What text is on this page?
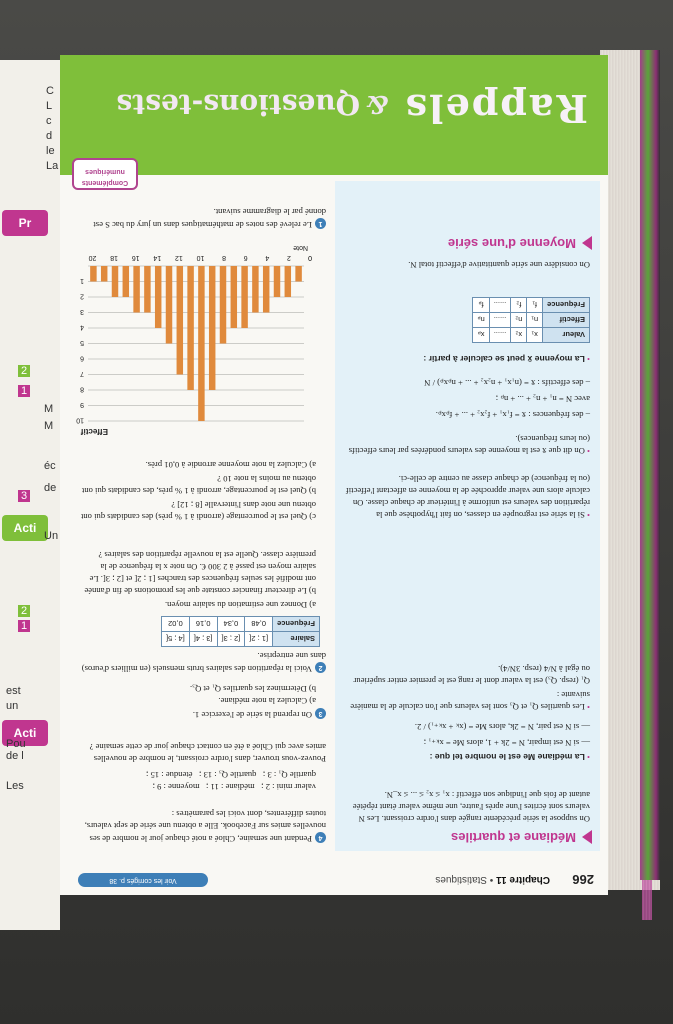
Acti
Acti
Pr
Les
de l
Pou
un
est
1
2
3
Un
de
éc
M
M
1
2
La
le
d
c
L
C
266
Chapitre 11 • Statistiques
Voir les corrigés p. 38
Médiane et quartiles
On suppose la série précédente rangée dans l'ordre croissant. Les N valeurs sont écrites l'une après l'autre, une même valeur étant répétée autant de fois que l'indique son effectif : x₁ ≤ x₂ ≤ ... ≤ x_N.
• La médiane Me est le nombre tel que :
— si N est impair, N = 2k + 1, alors Me = xₖ₊₁ ;
— si N est pair, N = 2k, alors Me = (xₖ + xₖ₊₁) / 2.
• Les quartiles Q₁ et Q₃ sont les valeurs que l'on calcule de la manière suivante :
Q₁ (resp. Q₃) est la valeur dont le rang est le premier entier supérieur ou égal à N/4 (resp. 3N/4).
• Si la série est regroupée en classes, on fait l'hypothèse que la répartition des valeurs est uniforme à l'intérieur de chaque classe. On calcule alors une valeur approchée de la moyenne en affectant l'effectif (ou la fréquence) de chaque classe au centre de celle-ci.
• On dit que x̄ est la moyenne des valeurs pondérées par leurs effectifs (ou leurs fréquences).
– des fréquences : x̄ = f₁x₁ + f₂x₂ + ... + fₚxₚ.
avec N = n₁ + n₂ + ... + nₚ ;
– des effectifs : x̄ = (n₁x₁ + n₂x₂ + ... + nₚxₚ) / N
• La moyenne x̄ peut se calculer à partir :
Valeur	x₁	x₂	......	xₚ
Effectif	n₁	n₂	......	nₚ
Fréquence	f₁	f₂	......	fₚ
On considère une série quantitative d'effectif total N.
Moyenne d'une série
4Pendant une semaine, Chloé a noté chaque jour le nombre de ses nouvelles amies sur Facebook. Elle a obtenu une série de sept valeurs, toutes différentes, dont voici les paramètres :
valeur mini : 2 ;   médiane : 11 ;   moyenne : 9 ;
quartile Q₁ : 3 ;   quartile Q₃ : 13 ;   étendue : 15 ;
Pouvez-vous trouver, dans l'ordre croissant, le nombre de nouvelles amies avec qui Chloé a été en contact chaque jour de cette semaine ?
3On reprend la série de l'exercice 1.
a) Calculez la note médiane.
b) Déterminez les quartiles Q₁ et Q₃.
2Voici la répartition des salaires bruts mensuels (en milliers d'euros) dans une entreprise.
Salaire	[1 ; 2[	[2 ; 3[	[3 ; 4[	[4 ; 5[
Fréquence	0,48	0,34	0,16	0,02
a) Donnez une estimation du salaire moyen.
b) Le directeur financier constate que les promotions de fin d'année ont modifié les seules fréquences des tranches [1 ; 2[ et [2 ; 3[. Le salaire moyen est passé à 2 300 €. On note x la fréquence de la première classe. Quelle est la nouvelle répartition des salaires ?
c) Quel est le pourcentage (arrondi à 1 % près) des candidats qui ont obtenu une note dans l'intervalle [8 ; 12] ?
b) Quel est le pourcentage, arrondi à 1 % près, des candidats qui ont obtenu au moins la note 10 ?
a) Calculez la note moyenne arrondie à 0,01 près.
Note
Effectif
2
4
6
8
10
12
14
16
18
20	0
1
2
3
4
5
6
7
8
9
10
1Le relevé des notes de mathématiques dans un jury du bac S est donné par le diagramme suivant.
Rappels
&
Questions-tests
Compléments numériques
